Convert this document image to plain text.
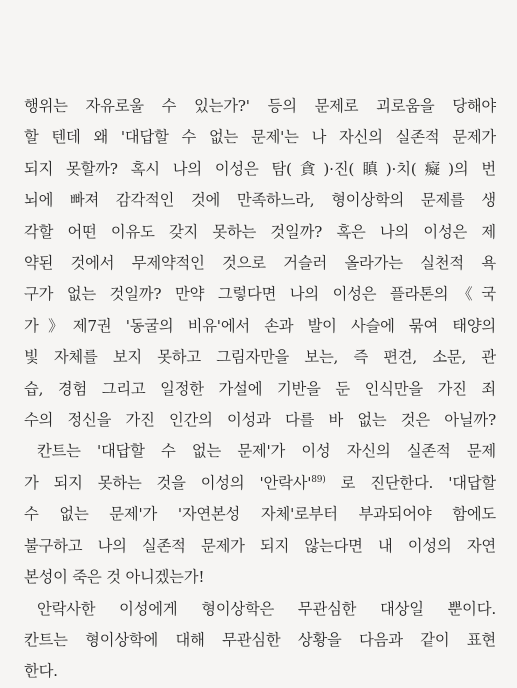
행위는 자유로울 수 있는가?' 등의 문제로 괴로움을 당해야
할 텐데 왜 '대답할 수 없는 문제'는 나 자신의 실존적 문제가
되지 못할까? 혹시 나의 이성은 탐(貪)·진(瞋)·치(癡)의 번
뇌에 빠져 감각적인 것에 만족하느라, 형이상학의 문제를 생
각할 어떤 이유도 갖지 못하는 것일까? 혹은 나의 이성은 제
약된 것에서 무제약적인 것으로 거슬러 올라가는 실천적 욕
구가 없는 것일까? 만약 그렇다면 나의 이성은 플라톤의《국
가》제7권 '동굴의 비유'에서 손과 발이 사슬에 묶여 태양의
빛 자체를 보지 못하고 그림자만을 보는, 즉 편견, 소문, 관
습, 경험 그리고 일정한 가설에 기반을 둔 인식만을 가진 죄
수의 정신을 가진 인간의 이성과 다를 바 없는 것은 아닐까?
칸트는 '대답할 수 없는 문제'가 이성 자신의 실존적 문제
가 되지 못하는 것을 이성의 '안락사'$^{89)}$ 로 진단한다. '대답할
수 없는 문제'가 '자연본성 자체'로부터 부과되어야 함에도
불구하고 나의 실존적 문제가 되지 않는다면 내 이성의 자연
본성이 죽은 것 아니겠는가!
안락사한 이성에게 형이상학은 무관심한 대상일 뿐이다.
칸트는 형이상학에 대해 무관심한 상황을 다음과 같이 표현
한다.
